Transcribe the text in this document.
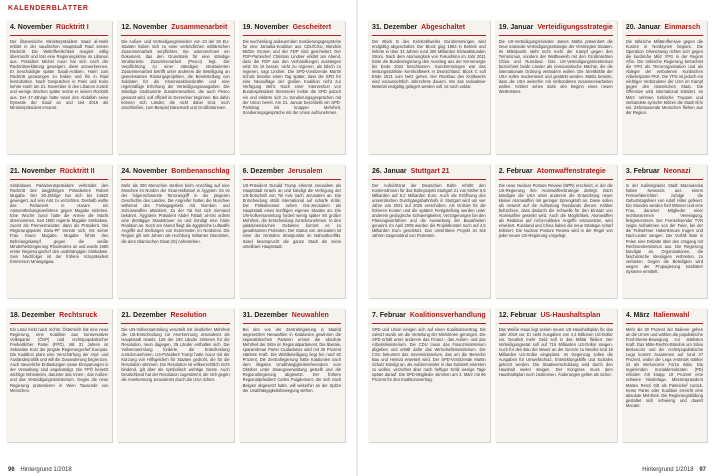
KALENDERBLÄTTER
4. November Rücktritt I
Der libanesische Ministerpräsident Saad al-Hariri erklärt in der saudischen Hauptstadt Riad seinen Rücktritt. Die Weltöffentlichkeit reagiert völlig überrascht und löst eine Regierungskrise im Libanon aus. Präsident Michel Aoun hat sich nach der Rücktrittserklärung geweigert, diese anzuerkennen. Er beschuldigte später Saudi-Arabien, Hariri zum Rücktritt gezwungen zu haben und ihn in Riad festzuhalten. Nach Gesprächen in Paris und Kairo kehrte Hariri am 21. November in den Libanon zurück und wenige Wochen später setzte er seinen Rücktritt aus. Der 47-Jährige hatte Hariri den Abdallah seine Dynastie der Saud an und seit 2016 als Ministerpräsident ernannt.
12. November Zusammenarbeit
Die Außen- und Verteidigungsminister von 23 der 28 EU-Staaten haben sich zu einer verbindlichen militärischen Zusammenarbeit verpflichtet. Sie unterzeichnen ein Dokument, das den Grundstein für eine ständige Strukturierte Zusammenarbeit (Pesco) legt. Die Verpflichtung zu einer ständigen strukturierten Zusammenarbeit betrifft unter anderem die Beteiligung an gemeinsamen Rüstungsprojekten, die Bereitstellung von Soldaten für die Krisenreaktionskräfte und eine regelmäßige Erhöhung der Verteidigungsausgaben. Die ständige strukturierte Zusammenarbeit, die auch Pesco genannt wird, soll offiziell im Dezember beginnen. Bis dahin können sich Länder, die nicht dabei sind, noch anschließen, zum Beispiel Dänemark und Großbritannien.
19. November Gescheitert
Die wochenlang andauernden Sondierungsgespräche für eine Jamaika-Koalition aus CDU/CSU, Bündnis 90/Die Grünen und der FDP sind gescheitert. Der FDP-Parteichef Christian Lindner erklärt am Abend, dass die FDP aus den Verhandlungen aussteigen wird: Es ist besser, nicht zu regieren, als falsch zu regieren, sagt Lindner. Die SPD-Vorsitzende Martin Schulz betonte einen Tag später, dass die SPD für eine Neuauflage der großen Koalition nicht zur Verfügung steht. Nach einer Intervention von Bundespräsident Steinmeier lenkte die SPD jedoch ein und erklärte sich zu Sondierungsgesprächen mit der Union bereit. Am 21. Januar beschließt ein SPD-Parteitag mit knapper Mehrheit, Sondierungsgespräche mit der Union aufzunehmen.
21. November Rücktritt II
Simbabwes Parlamentspräsident verkündet den Rücktritt des langjährigen Präsidenten Robert Mugabe. Der 93-Jährige hat sich bis zuletzt geweigert, auf sein Amt zu verzichten. Deshalb wollte das Parlament in Harare ein Amtsenthebungsverfahren gegen Mugabe einleiten. Eine Woche zuvor hatte die Armee die Macht übernommen. Seit 1980 regierte Mugabe Simbabwe, zuerst als Premierminister, dann als Präsident. Die Regierungspartei Zanu-PF trennte sich, mit seiner Frau Grace Mugabe, Mugabe führte den Befreiungskampf gegen die weiße Minderheitsregierung Rhodesiens an und wurde 1980 erster Regierungschef des unabhängigen Simbabwe. Sein Nachfolger ist der frühere Vizepräsident Emmerson Mnangagwa.
24. November Bombenanschlag
Mehr als 300 Menschen sterben beim Anschlag auf eine Moschee im Norden der Sinai-Halbinsel in Ägypten. Es ist der folgenschwerste Terrorangriff in der jüngeren Geschichte des Landes. Die Angreifer hatten die Moschee während des Freitagsgebets mit Bomben und Schusswaffen attackiert. Zu der Tat hat sich niemand bekannt. Ägyptens Präsident Abdel Fattah al-Sisi ordnet eine dreitägige Staatstrauer an und kündigt eine harte Reaktion an. Noch am Abend fliegt die ägyptische Luftwaffe Angriffe auf Stellungen von Extremisten im Nordsinai. Die Region gilt seit Jahren als Hochburg militanter Islamisten, die dem Islamischen Staat (IS) nahestehen.
6. Dezember Jerusalem
US-Präsident Donald Trump erkennt Jerusalem als Hauptstadt Israels an und kündigt die Verlegung der US-Botschaft von Tel Aviv nach Jerusalem an. Die Entscheidung stößt international auf scharfe Kritik. Die Palästinenser sehen Ost-Jerusalem als Hauptstadt eines künftigen eigenen Staates an. Die UN-Vollversammlung fordert wenig später mit großer Mehrheit, die Entscheidung zurückzunehmen. In den palästinensischen Gebieten kommt es zu gewaltsamen Protesten. Der Status von Jerusalem ist einer der zentralen Streitpunkte im Nahostkonflikt. Israel beansprucht die ganze Stadt als seine unteilbare Hauptstadt.
18. Dezember Rechtsruck
Ein Land rückt nach rechts: Österreich hat eine neue Regierung, eine Koalition aus konservativer Volkspartei (ÖVP) und rechtspopulistischer Freiheitlicher Partei (FPÖ). Mit 31 Jahren ist Sebastian Kurz der jüngste Regierungschef Europas. Die Koalition plant eine Verschärfung der Asyl- und Ausländerpolitik und will die Zuwanderung begrenzen. Auch steuerliche Entlastungen sowie Einsparungen in der Verwaltung sind angekündigt. Die FPÖ besetzt wichtige Ministerien, darunter das Innen-, das Außen- und das Verteidigungsministerium. Gegen die neue Regierung protestieren in Wien Tausende von Menschen.
21. Dezember Resolution
Die UN-Vollversammlung verurteilt mit deutlicher Mehrheit die US-Entscheidung zur Anerkennung Jerusalems als Hauptstadt Israels. 128 der 193 Länder stimmen für die Resolution, neun dagegen, 35 Länder enthalten sich. Die Vollversammlung forderte, die Entscheidung zurückzunehmen. US-Präsident Trump hatte zuvor mit der Kürzung von Hilfsgeldern für Staaten gedroht, die für die Resolution stimmen. Die Resolution ist völkerrechtlich nicht bindend, gilt aber als symbolisch wichtige Geste. Auch Deutschland hat der Resolution zugestimmt, die sich gegen die Anerkennung Jerusalems durch die USA richtet.
31. Dezember Neuwahlen
Bei den von der Zentralregierung in Madrid angesetzten Neuwahlen in Katalonien gewinnen die separatistischen Parteien erneut die absolute Mehrheit der Sitze im Regionalparlament. Die liberale, spanientreue Partei Ciudadanos wird mit 25 Prozent stärkste Kraft. Die Wahlbeteiligung liegt bei rund 82 Prozent. Die Zentralregierung hatte Katalonien nach dem illegalen Unabhängigkeitsreferendum vom Oktober unter Zwangsverwaltung gestellt und die Regionalregierung abgesetzt. Der frühere Regionalpräsident Carles Puigdemont, der sich nach Belgien abgesetzt hatte, will weiterhin an der Spitze der Unabhängigkeitsbewegung stehen.
31. Dezember Abgeschaltet
Der Block B des Kernkraftwerks Gundremmingen wird endgültig abgeschaltet. Der Block ging 1984 in Betrieb und lieferte in über 33 Jahren rund 300 Milliarden Kilowattstunden Strom. Nach dem Atomunglück von Fukushima im Jahr 2011 hatte die Bundesregierung den Ausstieg aus der Kernenergie bis Ende 2022 beschlossen. Gundremmingen war das leistungsstärkste Kernkraftwerk in Deutschland. Block C soll Ende 2021 vom Netz gehen. Der Rückbau des Kraftwerks wird voraussichtlich Jahrzehnte dauern. Wo das radioaktive Material endgültig gelagert werden soll, ist noch unklar.
19. Januar Verteidigungsstrategie
Die US-Verteidigungsminister James Mattis präsentiert die neue nationale Verteidigungsstrategie der Vereinigten Staaten. Im Mittelpunkt steht nicht mehr der Kampf gegen den Terrorismus, sondern der Wettbewerb mit den Großmächten China und Russland. Das US-Verteidigungsministerium bezeichnet beide Länder als revisionistische Mächte, die die internationale Ordnung verändern wollen. Die Streitkräfte der USA sollen modernisiert und gestärkt werden. Mattis betonte, dass die USA weiterhin mit Verbündeten zusammenarbeiten wollen. Kritiker sehen darin den Beginn eines neuen Wettrüstens.
20. Januar Einmarsch
Die türkische Militäroffensive gegen die Kurden in Nordsyrien beginnt. Die Operation Olivenzweig richtet sich gegen die kurdische Miliz YPG in der Region Afrin. Die türkische Regierung betrachtet die YPG als Terrororganisation und als Ableger der verbotenen Kurdischen Arbeiterpartei PKK. Die YPG ist jedoch ein wichtiger Verbündeter der USA im Kampf gegen den Islamischen Staat. Die Offensive wird international kritisiert. Im März nehmen türkische Truppen und verbündete syrische Milizen die Stadt Afrin ein. Zehntausende Menschen fliehen aus der Region.
26. Januar Stuttgart 21
Der Aufsichtsrat der Deutschen Bahn erhöht den Kostenrahmen für das Bahnprojekt Stuttgart 21 von bisher 6,5 Milliarden auf 8,2 Milliarden Euro. Auch die Eröffnung des unterirdischen Durchgangsbahnhofs in Stuttgart wird um vier Jahre von 2021 auf 2025 verschoben. Als Gründe für die höheren Kosten und die spätere Fertigstellung werden unter anderem geologische Schwierigkeiten, Verzögerungen bei den Planungsverfahren und die Ausweitung der Bauarbeiten genannt. Im April 2009 wurden die Projektkosten noch auf 4,5 Milliarden Euro geschätzt. Das umstrittene Projekt ist seit Jahren Gegenstand von Protesten.
2. Februar Atomwaffenstrategie
Die neue Nuclear Posture Review (NPR) erscheint, in der die US-Regierung ihre Atomwaffenstrategie darlegt. Darin kündigen die USA unter anderem die Entwicklung neuer kleiner Atomwaffen mit geringer Sprengkraft an. Diese sollen als Antwort auf die Aufrüstung Russlands dienen. Kritiker befürchten, dass dadurch die Schwelle für den Einsatz von Atomwaffen gesenkt wird. Auch die Möglichkeit, Atomwaffen als Reaktion auf nicht-nukleare Angriffe einzusetzen, wird erweitert. Russland und China haben die neue Strategie scharf kritisiert. Die Nuclear Posture Review wird in der Regel von jeder neuen US-Regierung vorgelegt.
3. Februar Neonazi
In der Kaliningrader Stadt Mazowiecka hatten Neonazis aus einem Fernsehberichten zufolge die Geburtstagsfeier von Adolf Hitler gefeiert. Ein Stunden werden fünf Männer und eine Frau, darunter Mitglieder einer rechtsextremen Vereinigung, festgenommen. Der Fernsehsender TVN zeigte Aufnahmen von der Feier, bei der die Teilnehmer Hakenkreuze trugen und Nazi-Lieder sangen. Der Vorfall löste in Polen eine Debatte über den Umgang mit Rechtsextremismus aus. Die Regierung kündigte an, Organisationen, die faschistische Ideologien verbreiten, zu verbieten. Gegen die Beteiligten wird wegen der Propagierung totalitärer Systeme ermittelt.
7. Februar Koalitionsverhandlung
SPD und Union einigen sich auf einen Koalitionsvertrag. Bis zuletzt wurde um die Verteilung der Ministerien gerungen. Die SPD erhält unter anderem das Finanz-, das Außen- und das Arbeitsministerium. Die CDU muss das Finanzministerium abgeben und erhält dafür das Wirtschaftsministerium. Die CSU bekommt das Innenministerium, das um die Bereiche Bau und Heimat erweitert wird. Der SPD-Vorsitzende Martin Schulz kündigt an, als Außenminister in das Kabinett eintreten zu wollen, verzichtet aber nach heftiger Kritik wenige Tage später darauf. Die SPD-Mitglieder stimmen am 4. März mit 66 Prozent für den Koalitionsvertrag.
12. Februar US-Haushaltsplan
Das Weiße Haus legt seinen neuen US-Haushaltsplan für das Jahr 2019 vor. Er sieht Ausgaben von 4,4 Billionen US-Dollar vor. Deutlich mehr Geld soll in das Militär fließen: Der Verteidigungsetat soll auf 716 Milliarden US-Dollar steigen. Auch für den Bau der Mauer an der Grenze zu Mexiko sind 18 Milliarden US-Dollar eingeplant. Im Gegenzug sollen die Ausgaben für Umweltschutz, Entwicklungshilfe und Soziales gekürzt werden. Die Staatsverschuldung wird durch den Haushalt weiter steigen. Der Kongress muss dem Haushaltsplan noch zustimmen, Änderungen gelten als sicher.
4. März Italienwahl
Mehr als 30 Prozent der Italiener gehen an die Urnen und wählen die populistische Fünf-Sterne-Bewegung zur stärksten Kraft. Das Mitte-Rechts-Bündnis um Silvio Berlusconi und die rechtspopulistische Lega kommt zusammen auf rund 37 Prozent, wobei die Lega erstmals stärker ist als Berlusconis Forza Italia. Die regierenden Sozialdemokraten (PD) erleiden mit knapp 19 Prozent eine schwere Niederlage. Ministerpräsident Matteo Renzi tritt als Parteichef zurück. Keine Partei oder Koalition erreicht eine absolute Mehrheit. Die Regierungsbildung gestaltet sich schwierig und dauert Monate.
96 Hintergrund 1/2018	Hintergrund 1/2018 97
